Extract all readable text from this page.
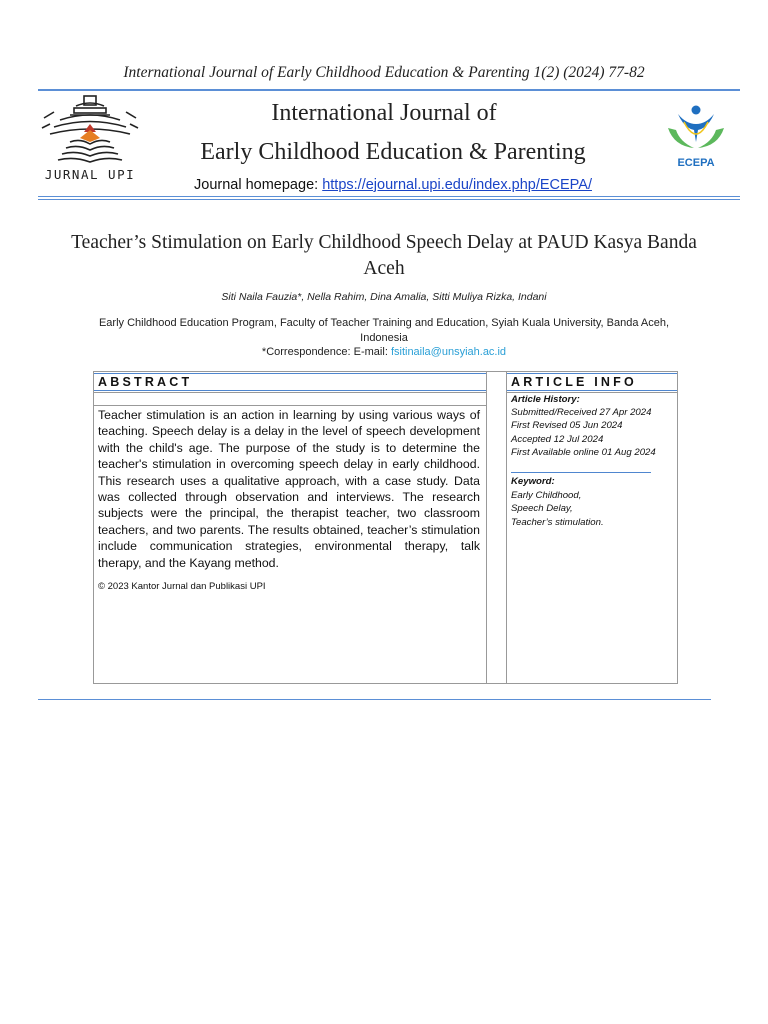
International Journal of Early Childhood Education & Parenting 1(2) (2024) 77-82
JURNAL UPI
International Journal of
Early Childhood Education & Parenting
Journal homepage: https://ejournal.upi.edu/index.php/ECEPA/
ECEPA
Teacher’s Stimulation on Early Childhood Speech Delay at PAUD Kasya Banda Aceh
Siti Naila Fauzia*, Nella Rahim, Dina Amalia, Sitti Muliya Rizka, Indani
Early Childhood Education Program, Faculty of Teacher Training and Education, Syiah Kuala University, Banda Aceh, Indonesia
*Correspondence: E-mail: fsitinaila@unsyiah.ac.id
ABSTRACT	ARTICLE INFO
Teacher stimulation is an action in learning by using various ways of teaching. Speech delay is a delay in the level of speech development with the child's age. The purpose of the study is to determine the teacher's stimulation in overcoming speech delay in early childhood. This research uses a qualitative approach, with a case study. Data was collected through observation and interviews. The research subjects were the principal, the therapist teacher, two classroom teachers, and two parents. The results obtained, teacher’s stimulation include communication strategies, environmental therapy, talk therapy, and the Kayang method.
© 2023 Kantor Jurnal dan Publikasi UPI
Article History:
Submitted/Received 27 Apr 2024
First Revised 05 Jun 2024
Accepted 12 Jul 2024
First Available online 01 Aug 2024
Keyword:
Early Childhood,
Speech Delay,
Teacher’s stimulation.
